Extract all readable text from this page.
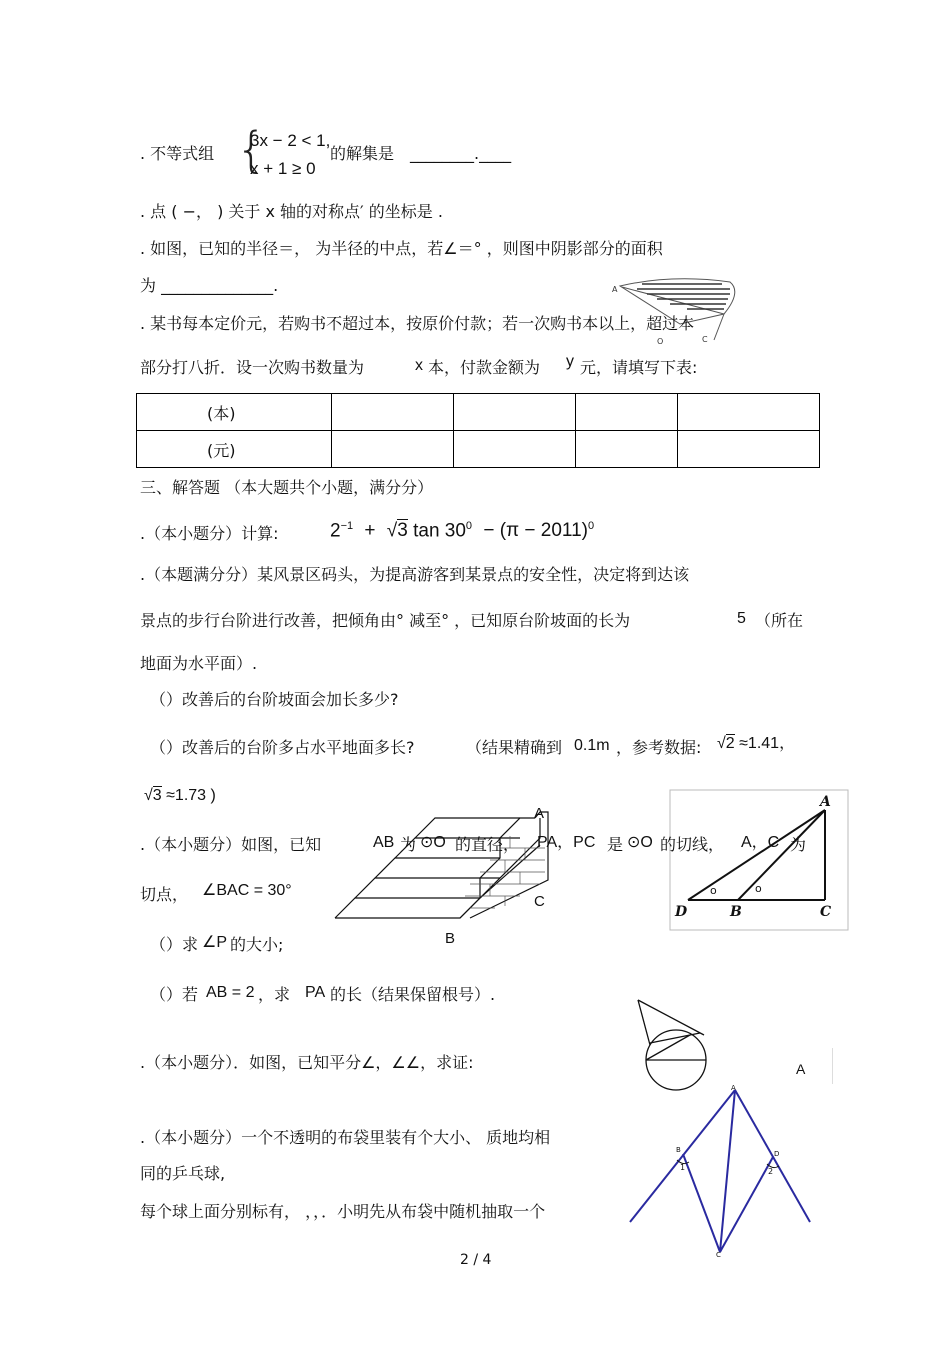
. 不等式组 {
3x − 2 < 1,
x + 1 ≥ 0
的解集是 ________.____
. 点 ( −， ) 关于 x 轴的对称点′ 的坐标是 .
. 如图，已知的半径＝， 为半径的中点，若∠＝° ，则图中阴影部分的面积
为 ______________.	A
O	C
. 某书每本定价元，若购书不超过本，按原价付款；若一次购书本以上，超过本
部分打八折．设一次购书数量为	x 本，付款金额为 y 元，请填写下表:
(本)				
(元)				
三、解答题 （本大题共个小题，满分分）
.（本小题分）计算:	$2^{-1} + √3$ $\tan 30^0 - (\pi - 2011)^0$
.（本题满分分）某风景区码头，为提高游客到某景点的安全性，决定将到达该
景点的步行台阶进行改善，把倾角由° 减至° ，已知原台阶坡面的长为	5 （所在
地面为水平面）.
（）改善后的台阶坡面会加长多少?
（）改善后的台阶多占水平地面多长?	（结果精确到 0.1m ，参考数据: √2 ≈1.41，
√3 ≈1.73 )
A
C
B
A
D	B	C
o	o
.（本小题分）如图，已知	AB 为 ⊙O 的直径， PA，PC 是 ⊙O 的切线， A，C 为
切点， ∠BAC = 30°
（）求 ∠P 的大小;
（）若 AB = 2 ，求 PA 的长（结果保留根号）.
.（本小题分）．如图，已知平分∠，∠∠，求证:	A
A
B	D
1	2
C
.（本小题分）一个不透明的布袋里装有个大小、 质地均相
同的乒乓球,
每个球上面分别标有， ，，．小明先从布袋中随机抽取一个
2 / 4
